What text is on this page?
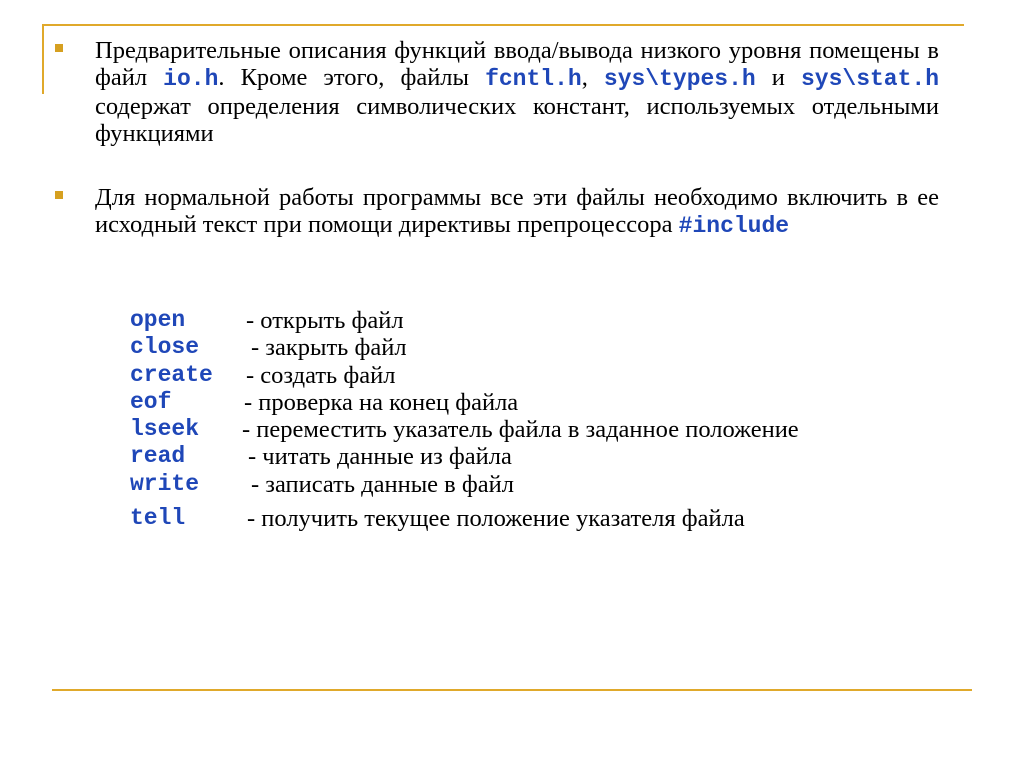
Предварительные описания функций ввода/вывода низкого уровня помещены в файл io.h. Кроме этого, файлы fcntl.h, sys\types.h и sys\stat.h содержат определения символических констант, используемых отдельными функциями
Для нормальной работы программы все эти файлы необходимо включить в ее исходный текст при помощи директивы препроцессора #include
open - открыть файл
close - закрыть файл
create - создать файл
eof	- проверка на конец файла
lseek - переместить указатель файла в заданное положение
read	- читать данные из файла
write - записать данные в файл
tell	- получить текущее положение указателя файла
